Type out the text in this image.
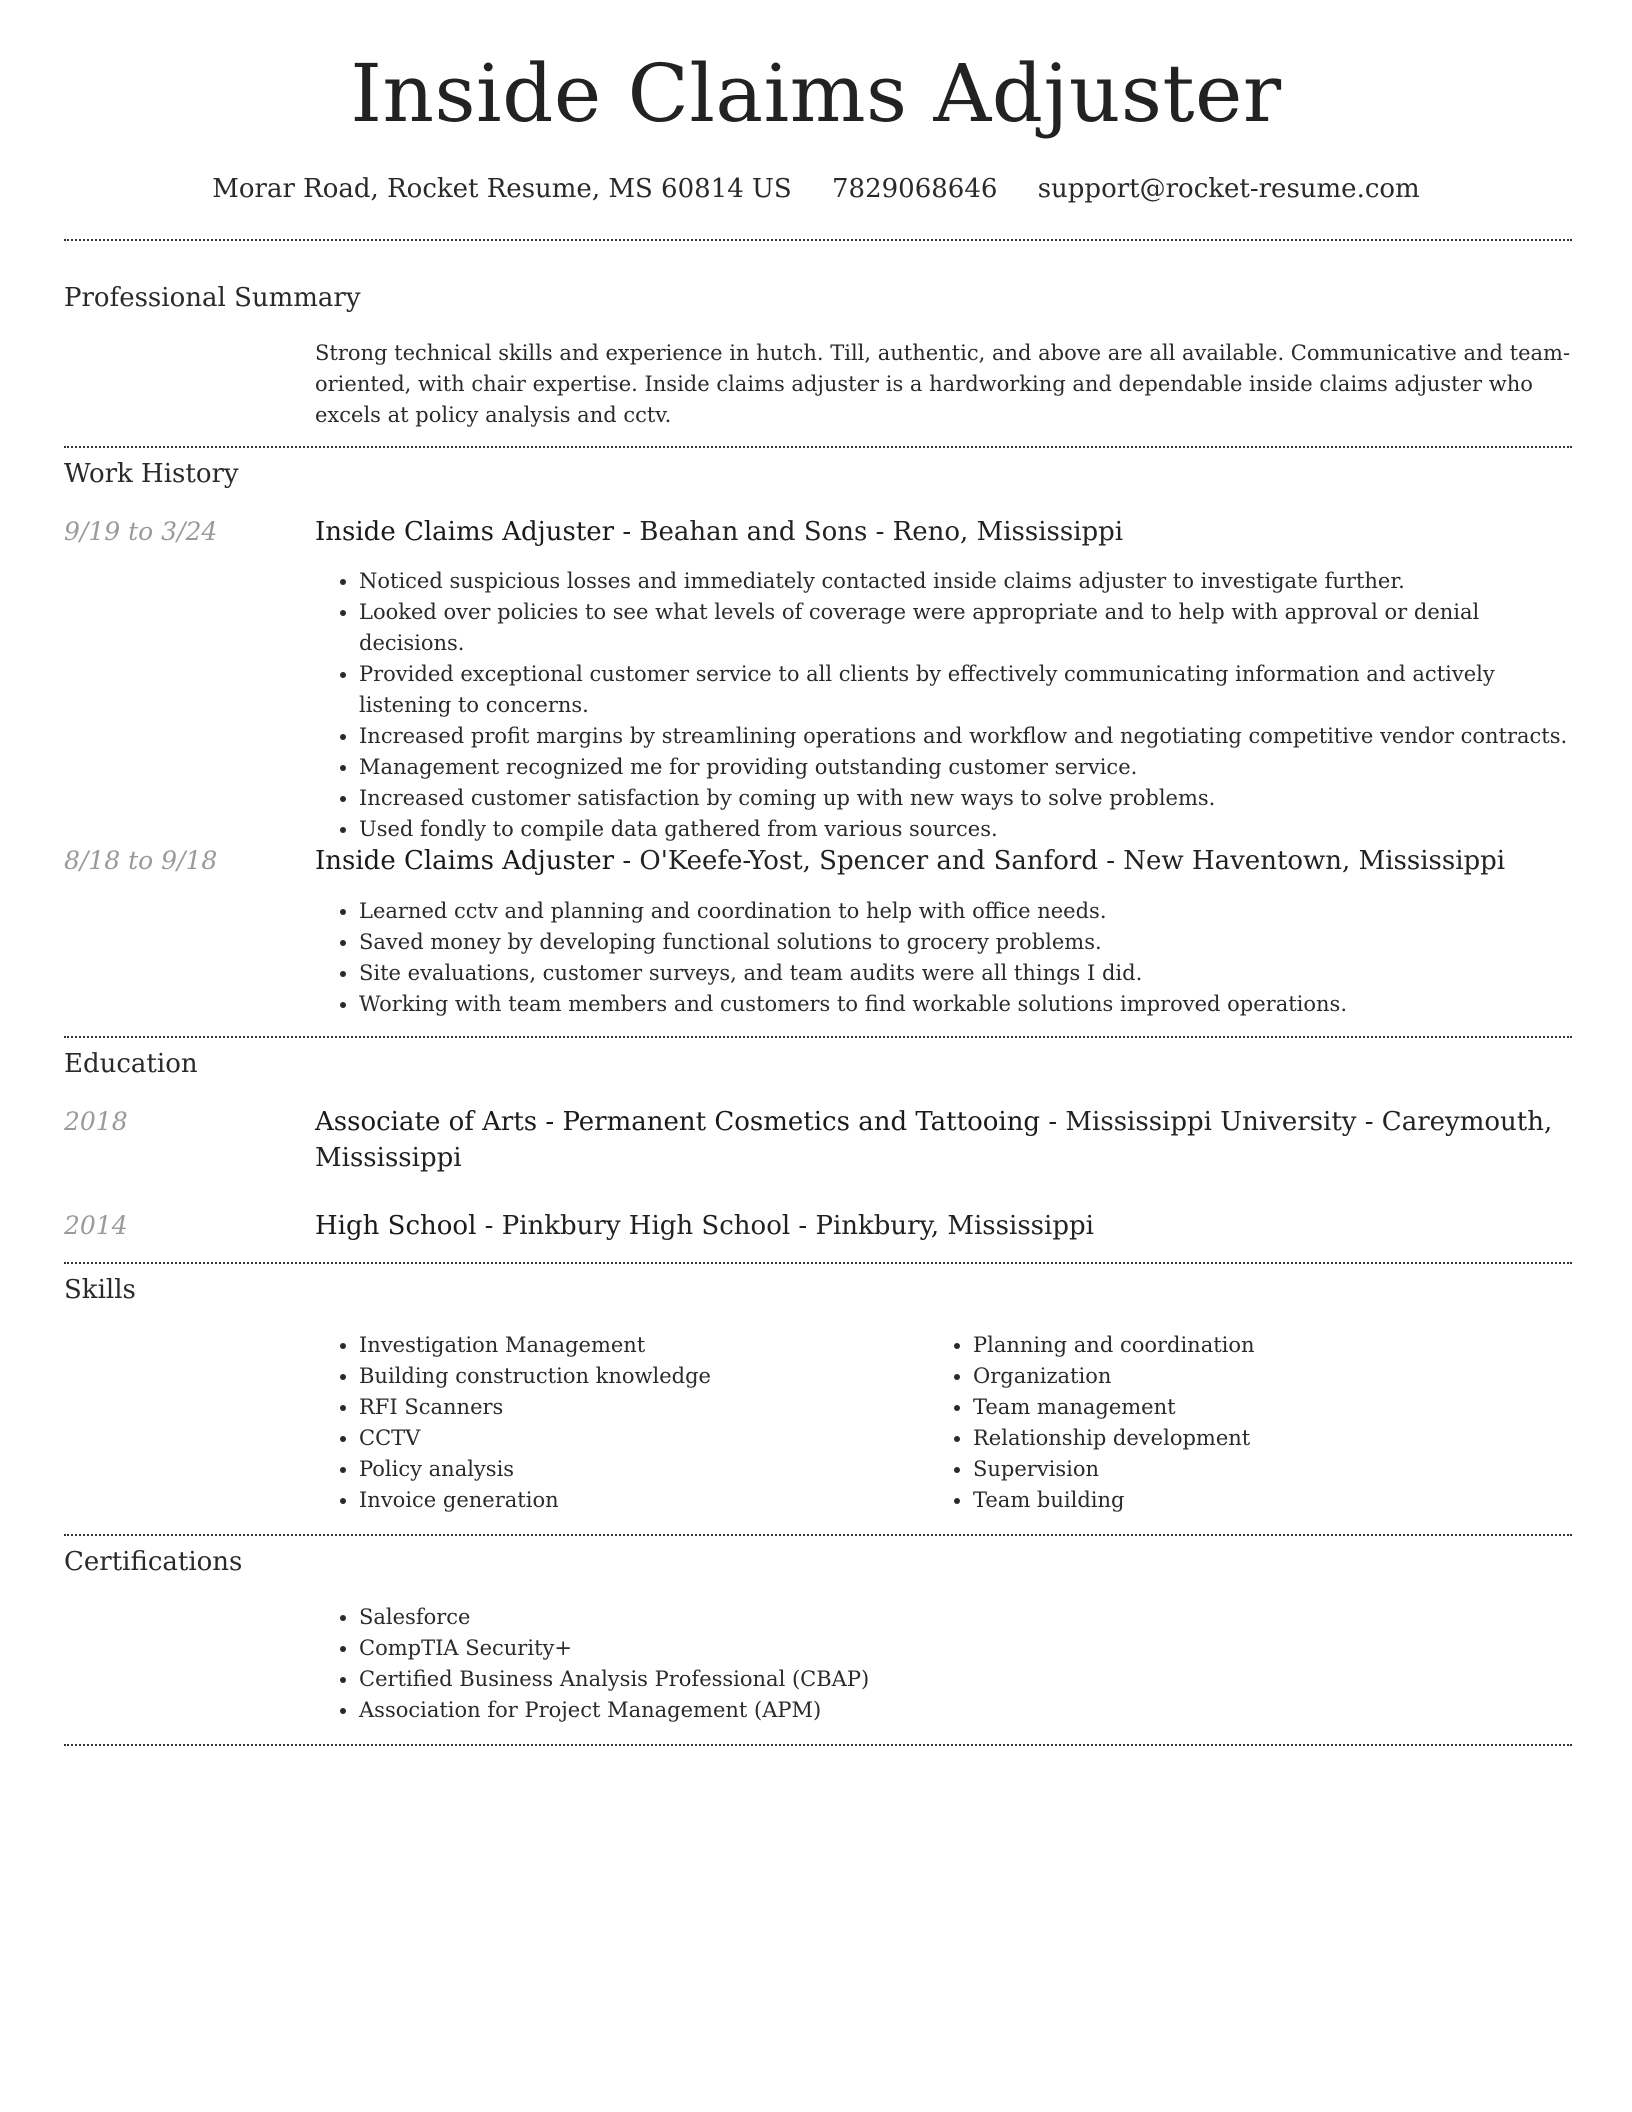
Inside Claims Adjuster
Morar Road, Rocket Resume, MS 60814 US 7829068646 support@rocket-resume.com
Professional Summary
Strong technical skills and experience in hutch. Till, authentic, and above are all available. Communicative and team-oriented, with chair expertise. Inside claims adjuster is a hardworking and dependable inside claims adjuster who excels at policy analysis and cctv.
Work History
9/19 to 3/24	Inside Claims Adjuster - Beahan and Sons - Reno, Mississippi
• Noticed suspicious losses and immediately contacted inside claims adjuster to investigate further.
• Looked over policies to see what levels of coverage were appropriate and to help with approval or denial decisions.
• Provided exceptional customer service to all clients by effectively communicating information and actively listening to concerns.
• Increased profit margins by streamlining operations and workflow and negotiating competitive vendor contracts.
• Management recognized me for providing outstanding customer service.
• Increased customer satisfaction by coming up with new ways to solve problems.
• Used fondly to compile data gathered from various sources.
8/18 to 9/18	Inside Claims Adjuster - O'Keefe-Yost, Spencer and Sanford - New Haventown, Mississippi
• Learned cctv and planning and coordination to help with office needs.
• Saved money by developing functional solutions to grocery problems.
• Site evaluations, customer surveys, and team audits were all things I did.
• Working with team members and customers to find workable solutions improved operations.
Education
2018	Associate of Arts - Permanent Cosmetics and Tattooing - Mississippi University - Careymouth, Mississippi
2014	High School - Pinkbury High School - Pinkbury, Mississippi
Skills
• Investigation Management
• Building construction knowledge
• RFI Scanners
• CCTV
• Policy analysis
• Invoice generation
• Planning and coordination
• Organization
• Team management
• Relationship development
• Supervision
• Team building
Certifications
• Salesforce
• CompTIA Security+
• Certified Business Analysis Professional (CBAP)
• Association for Project Management (APM)
